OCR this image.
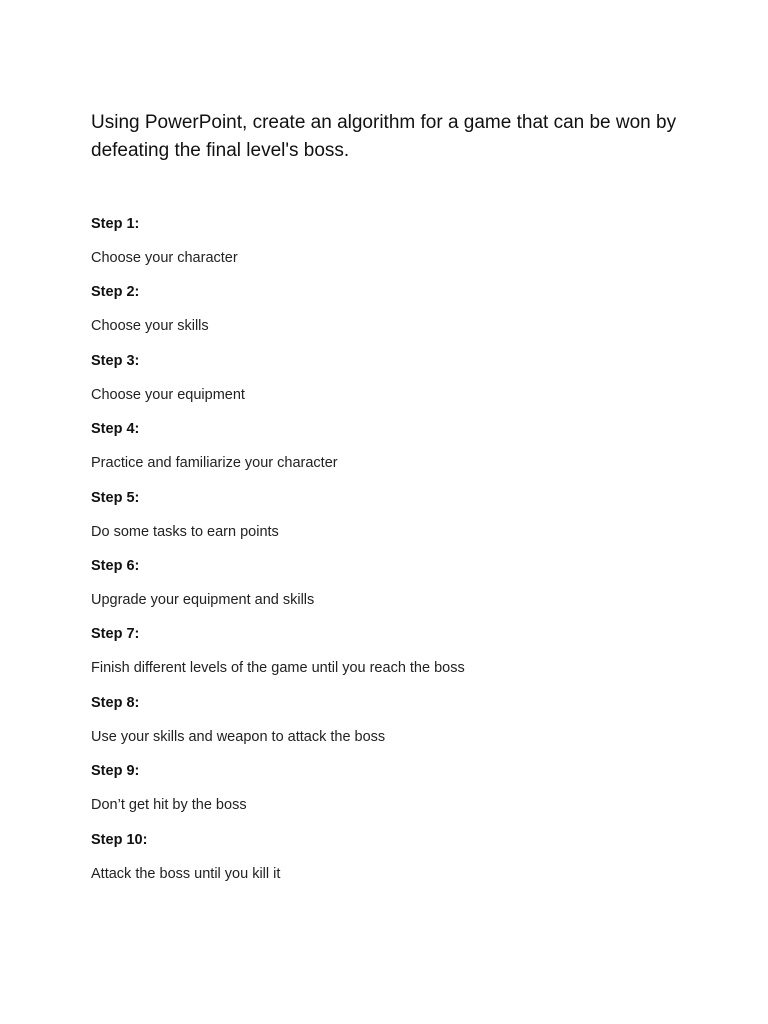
Using PowerPoint, create an algorithm for a game that can be won by defeating the final level's boss.

Step 1:
Choose your character
Step 2:
Choose your skills
Step 3:
Choose your equipment
Step 4:
Practice and familiarize your character
Step 5:
Do some tasks to earn points
Step 6:
Upgrade your equipment and skills
Step 7:
Finish different levels of the game until you reach the boss
Step 8:
Use your skills and weapon to attack the boss
Step 9:
Don’t get hit by the boss
Step 10:
Attack the boss until you kill it
